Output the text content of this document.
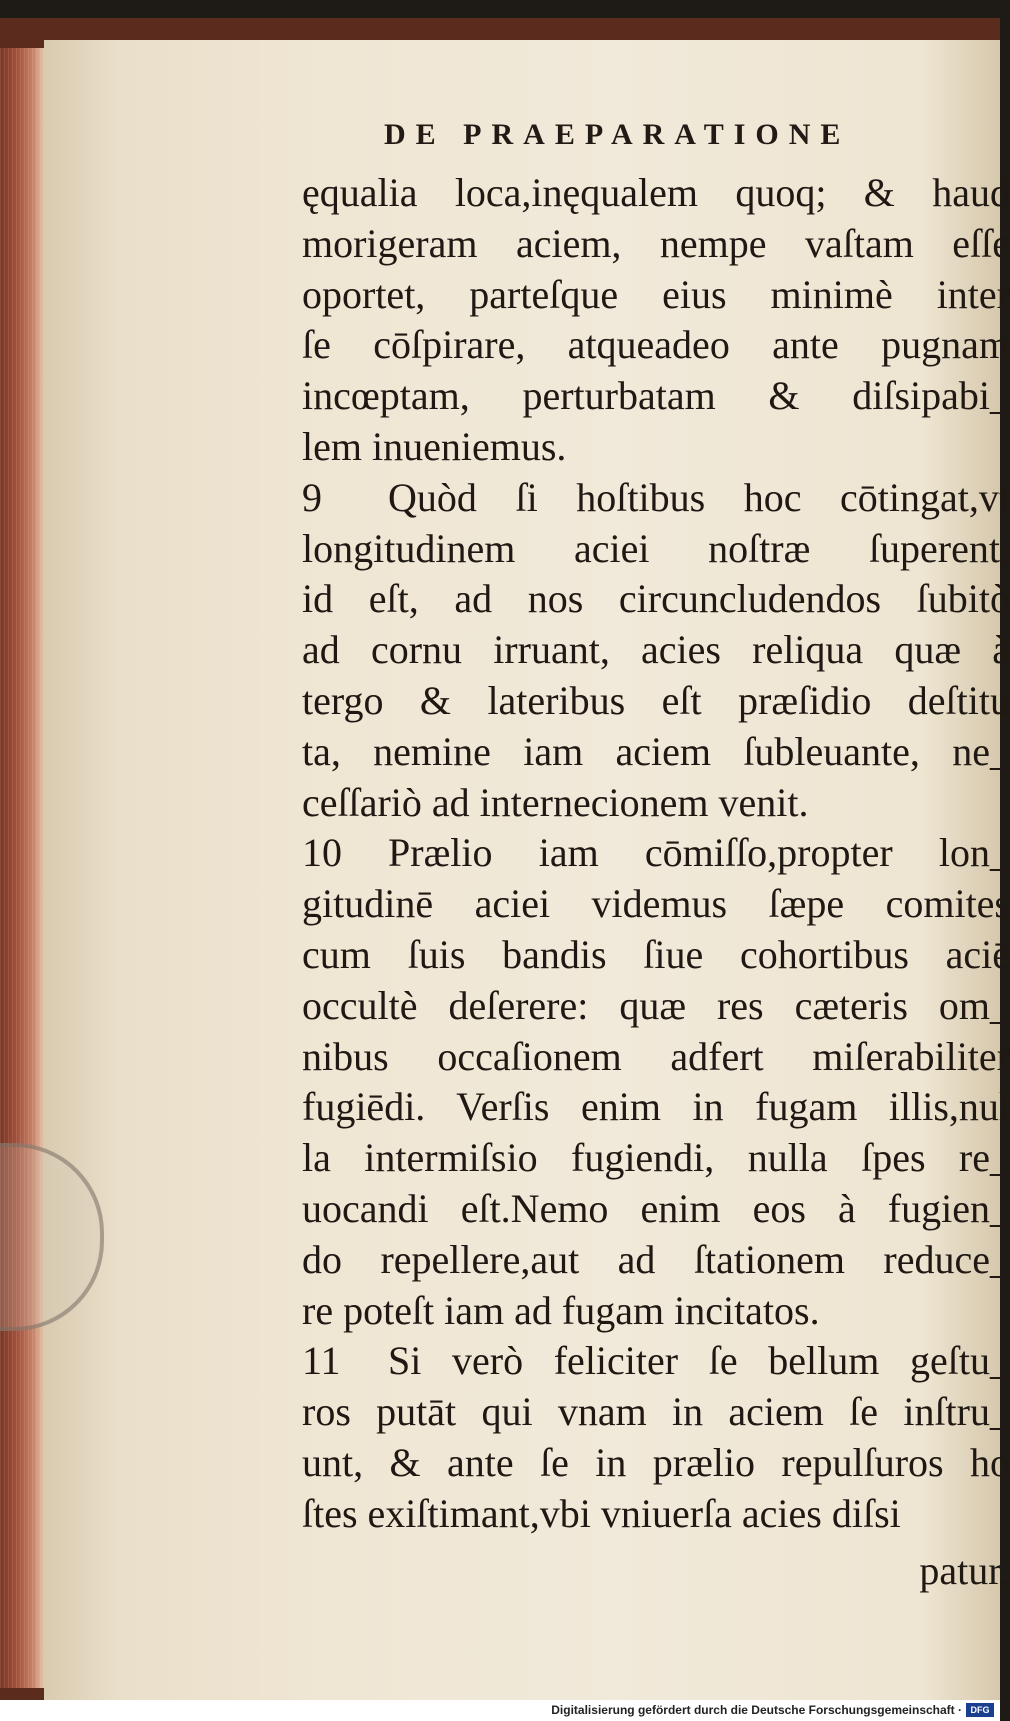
DE PRAEPARATIONE
ęqualia loca,inęqualem quoq; & haud
morigeram aciem, nempe vaſtam eſſe
oportet, parteſque eius minimè inter
ſe cōſpirare, atqueadeo ante pugnam
incœptam, perturbatam & diſsipabi_
lem inueniemus.
9 Quòd ſi hoſtibus hoc cōtingat,vt
longitudinem aciei noſtræ ſuperent,
id eſt, ad nos circuncludendos ſubitò
ad cornu irruant, acies reliqua quæ à
tergo & lateribus eſt præſidio deſtitu
ta, nemine iam aciem ſubleuante, ne_
ceſſariò ad internecionem venit.
10 Prælio iam cōmiſſo,propter lon_
gitudinē aciei videmus ſæpe comites
cum ſuis bandis ſiue cohortibus aciē
occultè deſerere: quæ res cæteris om_
nibus occaſionem adfert miſerabiliter
fugiēdi. Verſis enim in fugam illis,nul
la intermiſsio fugiendi, nulla ſpes re_
uocandi eſt.Nemo enim eos à fugien_
do repellere,aut ad ſtationem reduce_
re poteſt iam ad fugam incitatos.
11 Si verò feliciter ſe bellum geſtu_
ros putāt qui vnam in aciem ſe inſtru_
unt, & ante ſe in prælio repulſuros ho
ſtes exiſtimant,vbi vniuerſa acies diſsi
patur,
Digitalisierung gefördert durch die Deutsche Forschungsgemeinschaft · DFG
